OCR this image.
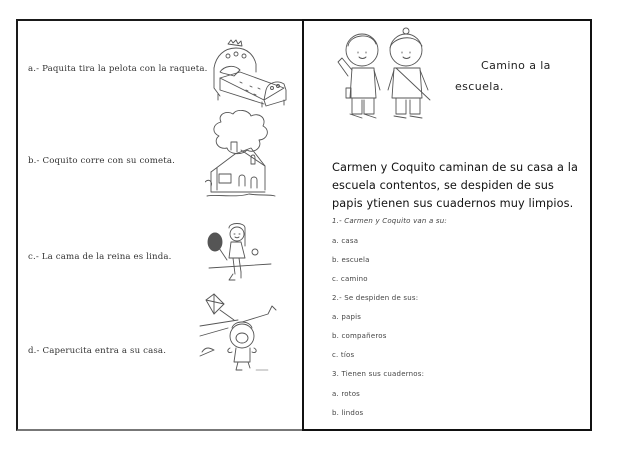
a.- Paquita tira la pelota con la raqueta.
b.- Coquito corre con su cometa.
c.- La cama de la reina es linda.
d.- Caperucita entra a su casa.
Camino a la
escuela.
Carmen y Coquito caminan de su casa a la
escuela contentos, se despiden de sus
papis ytienen sus cuadernos muy limpios.
1.- Carmen y Coquito van a su:
a. casa
b. escuela
c. camino
2.- Se despiden de sus:
a. papis
b. compañeros
c. tíos
3. Tienen sus cuadernos:
a. rotos
b. lindos
